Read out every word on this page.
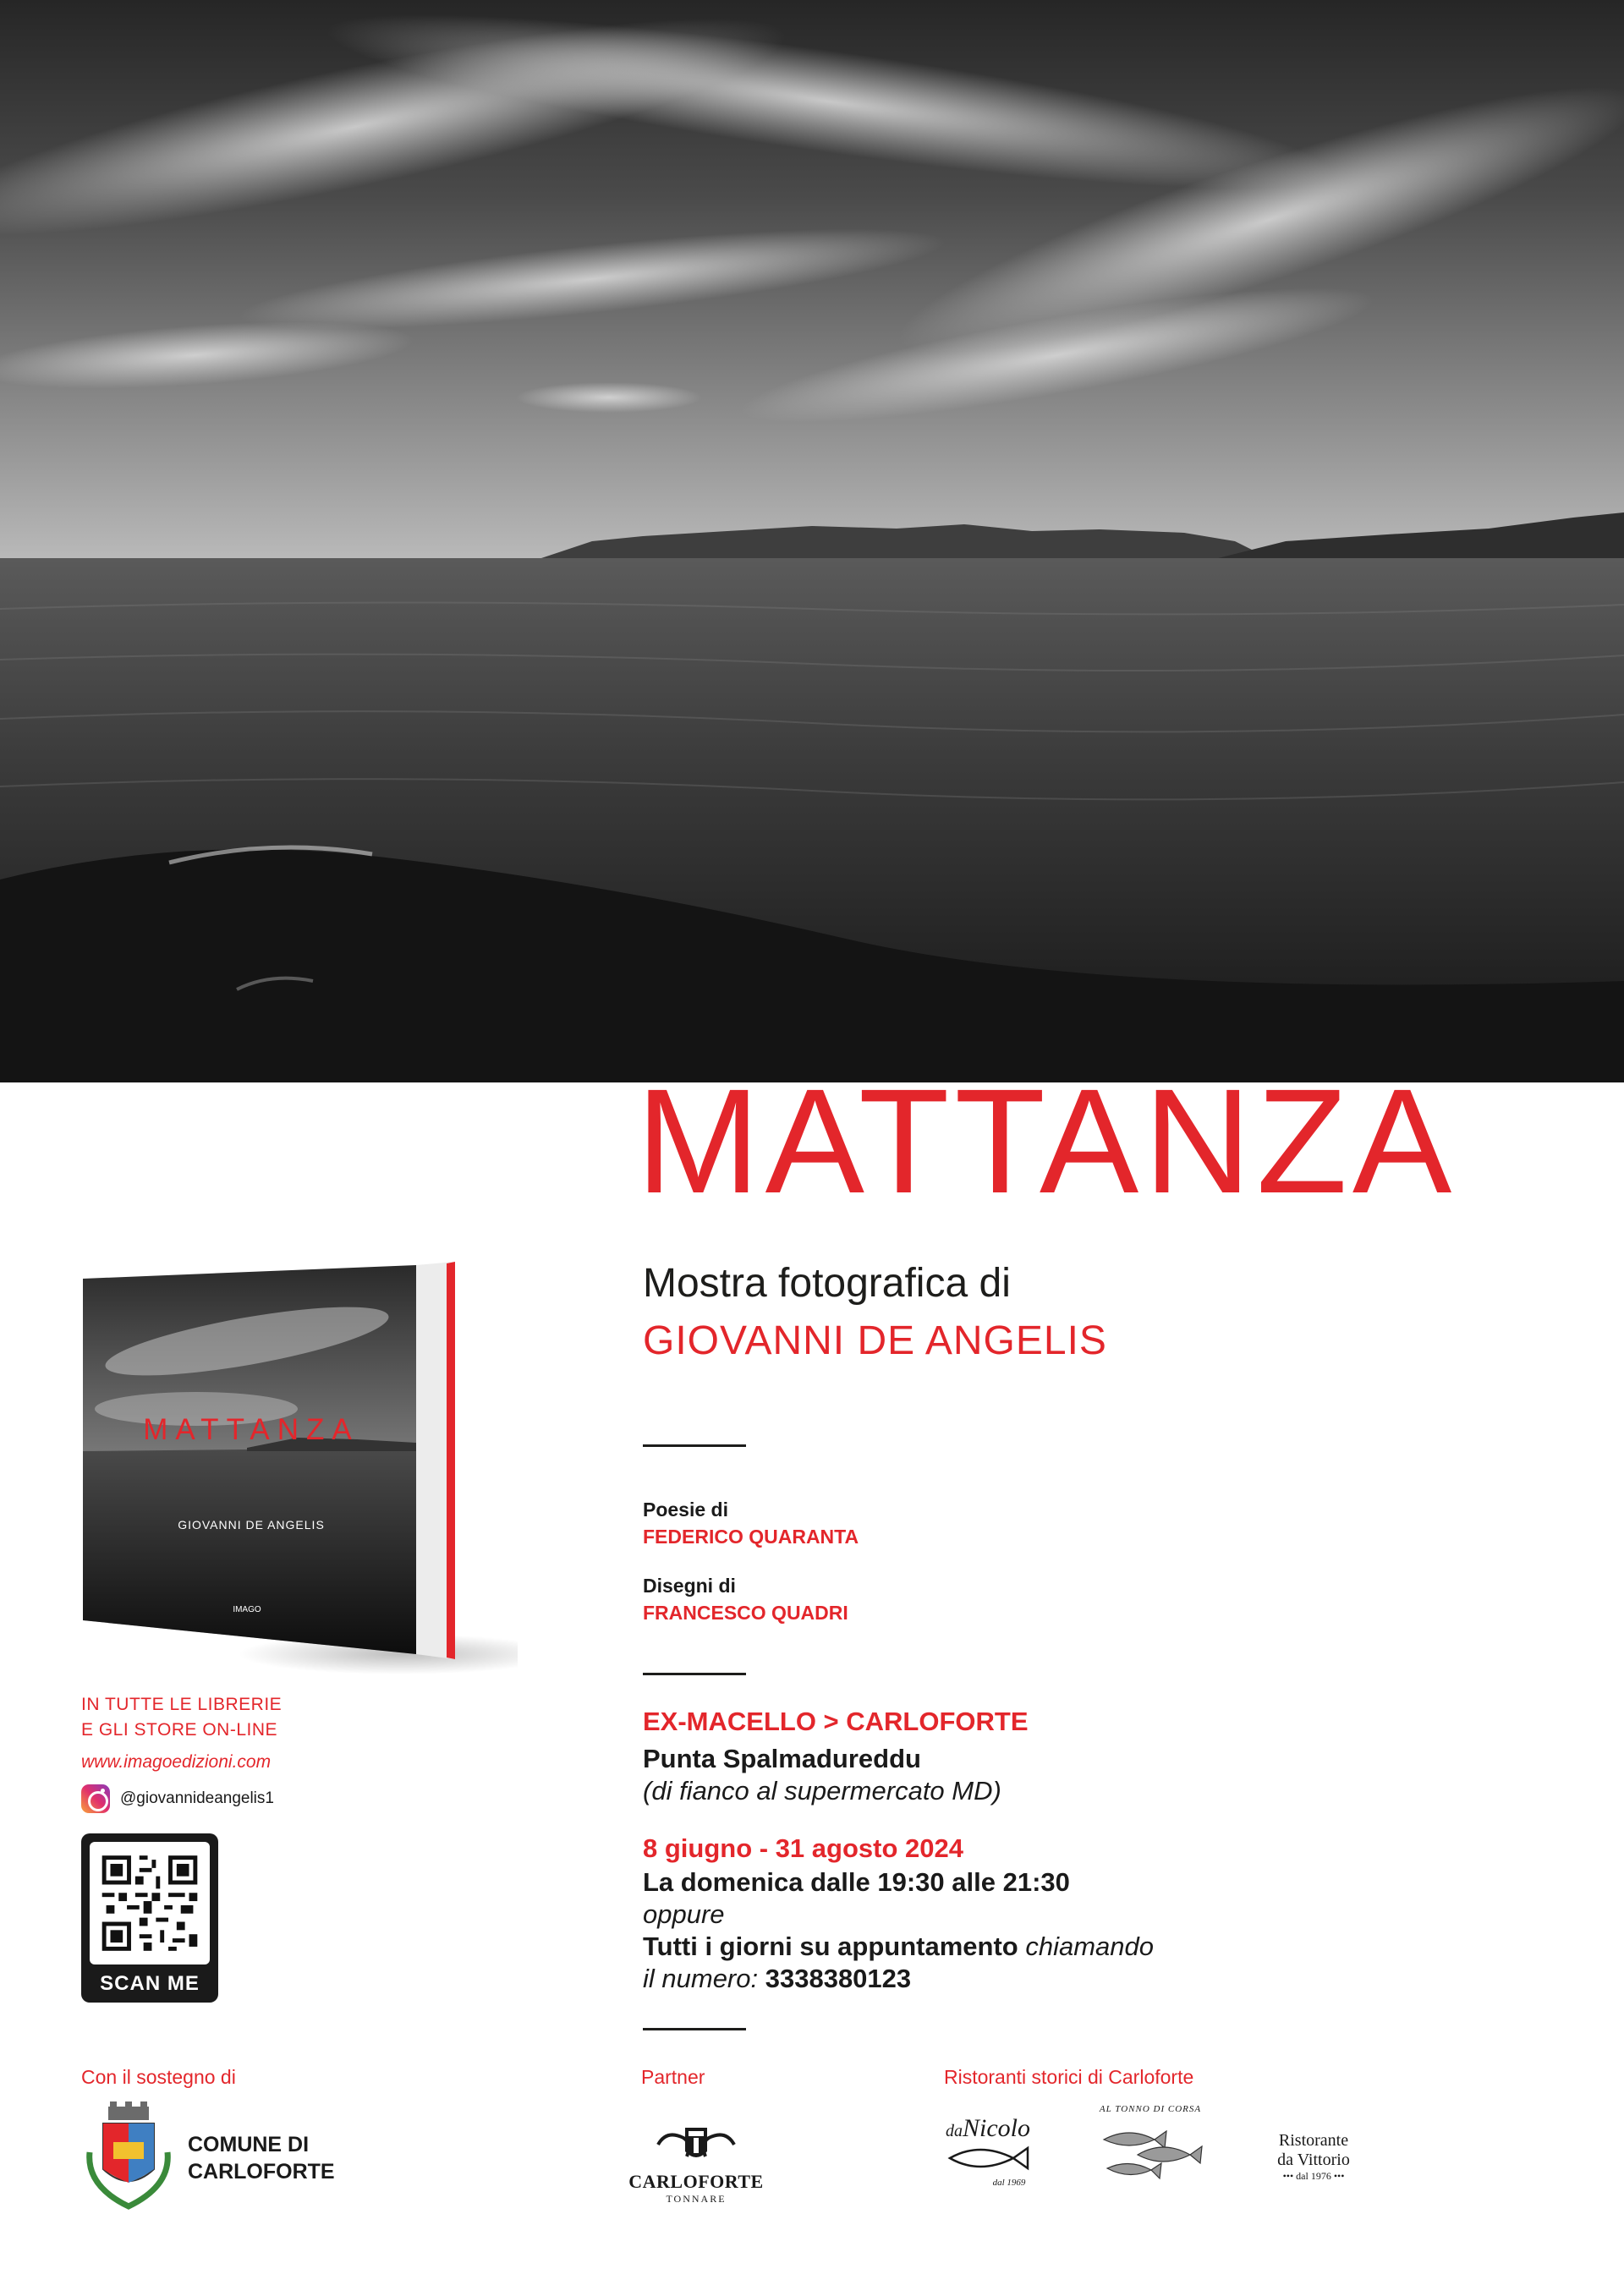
MATTANZA
Mostra fotografica di
GIOVANNI DE ANGELIS
Poesie di
FEDERICO QUARANTA
Disegni di
FRANCESCO QUADRI
EX-MACELLO > CARLOFORTE
Punta Spalmadureddu
(di fianco al supermercato MD)
8 giugno - 31 agosto 2024
La domenica dalle 19:30 alle 21:30
oppure
Tutti i giorni su appuntamento chiamando
il numero: 3338380123
MATTANZA
GIOVANNI DE ANGELIS
IMAGO
IN TUTTE LE LIBRERIE
E GLI STORE ON-LINE
www.imagoedizioni.com
@giovannideangelis1
SCAN ME
Con il sostegno di	Partner	Ristoranti storici di Carloforte
COMUNE DI
CARLOFORTE	CARLOFORTE
TONNARE
daNicolo
dal 1969
AL TONNO DI CORSA
Ristorante
da Vittorio
••• dal 1976 •••
